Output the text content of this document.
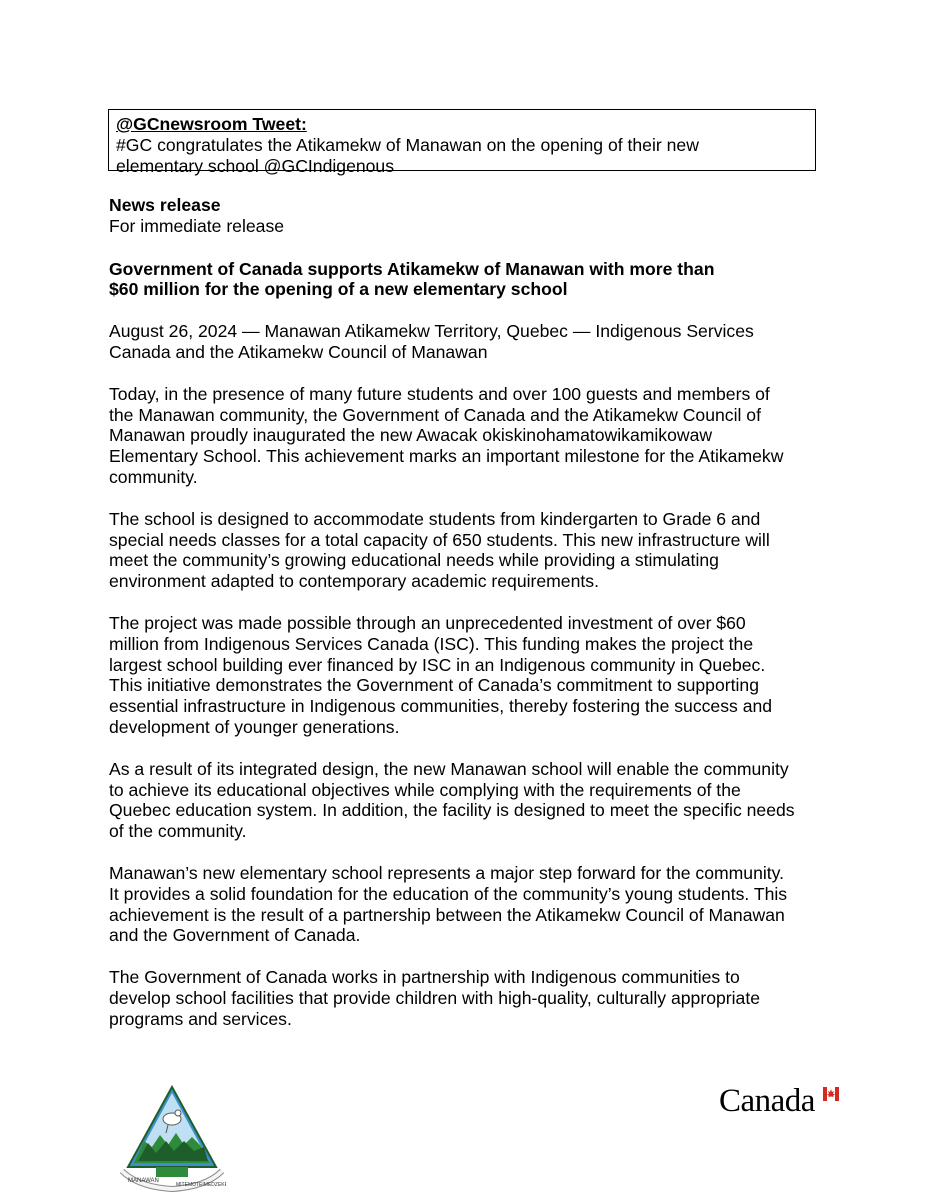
@GCnewsroom Tweet:
#GC congratulates the Atikamekw of Manawan on the opening of their new
elementary school @GCIndigenous
News release
For immediate release
Government of Canada supports Atikamekw of Manawan with more than
$60 million for the opening of a new elementary school

August 26, 2024 — Manawan Atikamekw Territory, Quebec — Indigenous Services
Canada and the Atikamekw Council of Manawan

Today, in the presence of many future students and over 100 guests and members of
the Manawan community, the Government of Canada and the Atikamekw Council of
Manawan proudly inaugurated the new Awacak okiskinohamatowikamikowaw
Elementary School. This achievement marks an important milestone for the Atikamekw
community.

The school is designed to accommodate students from kindergarten to Grade 6 and
special needs classes for a total capacity of 650 students. This new infrastructure will
meet the community’s growing educational needs while providing a stimulating
environment adapted to contemporary academic requirements.

The project was made possible through an unprecedented investment of over $60
million from Indigenous Services Canada (ISC). This funding makes the project the
largest school building ever financed by ISC in an Indigenous community in Quebec.
This initiative demonstrates the Government of Canada’s commitment to supporting
essential infrastructure in Indigenous communities, thereby fostering the success and
development of younger generations.

As a result of its integrated design, the new Manawan school will enable the community
to achieve its educational objectives while complying with the requirements of the
Quebec education system. In addition, the facility is designed to meet the specific needs
of the community.

Manawan’s new elementary school represents a major step forward for the community.
It provides a solid foundation for the education of the community’s young students. This
achievement is the result of a partnership between the Atikamekw Council of Manawan
and the Government of Canada.

The Government of Canada works in partnership with Indigenous communities to
develop school facilities that provide children with high-quality, culturally appropriate
programs and services.

MANAWAN
MITEMOTEIMEDZEKE
Canada
